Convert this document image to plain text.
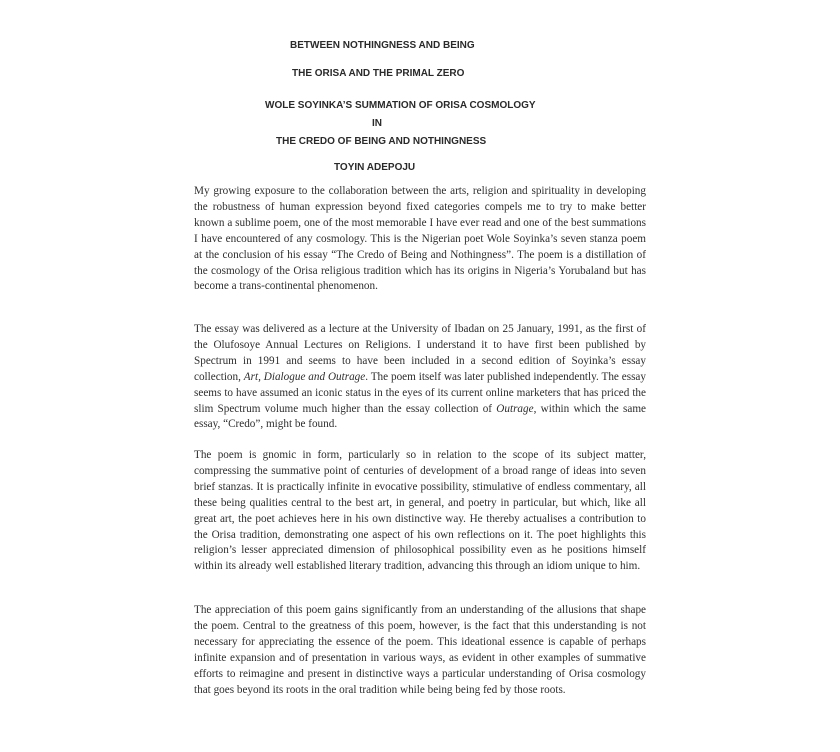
BETWEEN NOTHINGNESS AND BEING
THE ORISA AND THE PRIMAL ZERO
WOLE SOYINKA’S SUMMATION OF ORISA COSMOLOGY
IN
THE CREDO OF BEING AND NOTHINGNESS
TOYIN ADEPOJU
My growing exposure to the collaboration between the arts, religion and spirituality in developing the robustness of human expression beyond fixed categories compels me to try to make better known a sublime poem, one of the most memorable I have ever read and one of the best summations I have encountered of any cosmology. This is the Nigerian poet Wole Soyinka’s seven stanza poem at the conclusion of his essay “The Credo of Being and Nothingness”. The poem is a distillation of the cosmology of the Orisa religious tradition which has its origins in Nigeria’s Yorubaland but has become a trans-continental phenomenon.
The essay was delivered as a lecture at the University of Ibadan on 25 January, 1991, as the first of the Olufosoye Annual Lectures on Religions. I understand it to have first been published by Spectrum in 1991 and seems to have been included in a second edition of Soyinka’s essay collection, Art, Dialogue and Outrage. The poem itself was later published independently. The essay seems to have assumed an iconic status in the eyes of its current online marketers that has priced the slim Spectrum volume much higher than the essay collection of Outrage, within which the same essay, “Credo”, might be found.
The poem is gnomic in form, particularly so in relation to the scope of its subject matter, compressing the summative point of centuries of development of a broad range of ideas into seven brief stanzas. It is practically infinite in evocative possibility, stimulative of endless commentary, all these being qualities central to the best art, in general, and poetry in particular, but which, like all great art, the poet achieves here in his own distinctive way. He thereby actualises a contribution to the Orisa tradition, demonstrating one aspect of his own reflections on it. The poet highlights this religion’s lesser appreciated dimension of philosophical possibility even as he positions himself within its already well established literary tradition, advancing this through an idiom unique to him.
The appreciation of this poem gains significantly from an understanding of the allusions that shape the poem. Central to the greatness of this poem, however, is the fact that this understanding is not necessary for appreciating the essence of the poem. This ideational essence is capable of perhaps infinite expansion and of presentation in various ways, as evident in other examples of summative efforts to reimagine and present in distinctive ways a particular understanding of Orisa cosmology that goes beyond its roots in the oral tradition while being being fed by those roots.
